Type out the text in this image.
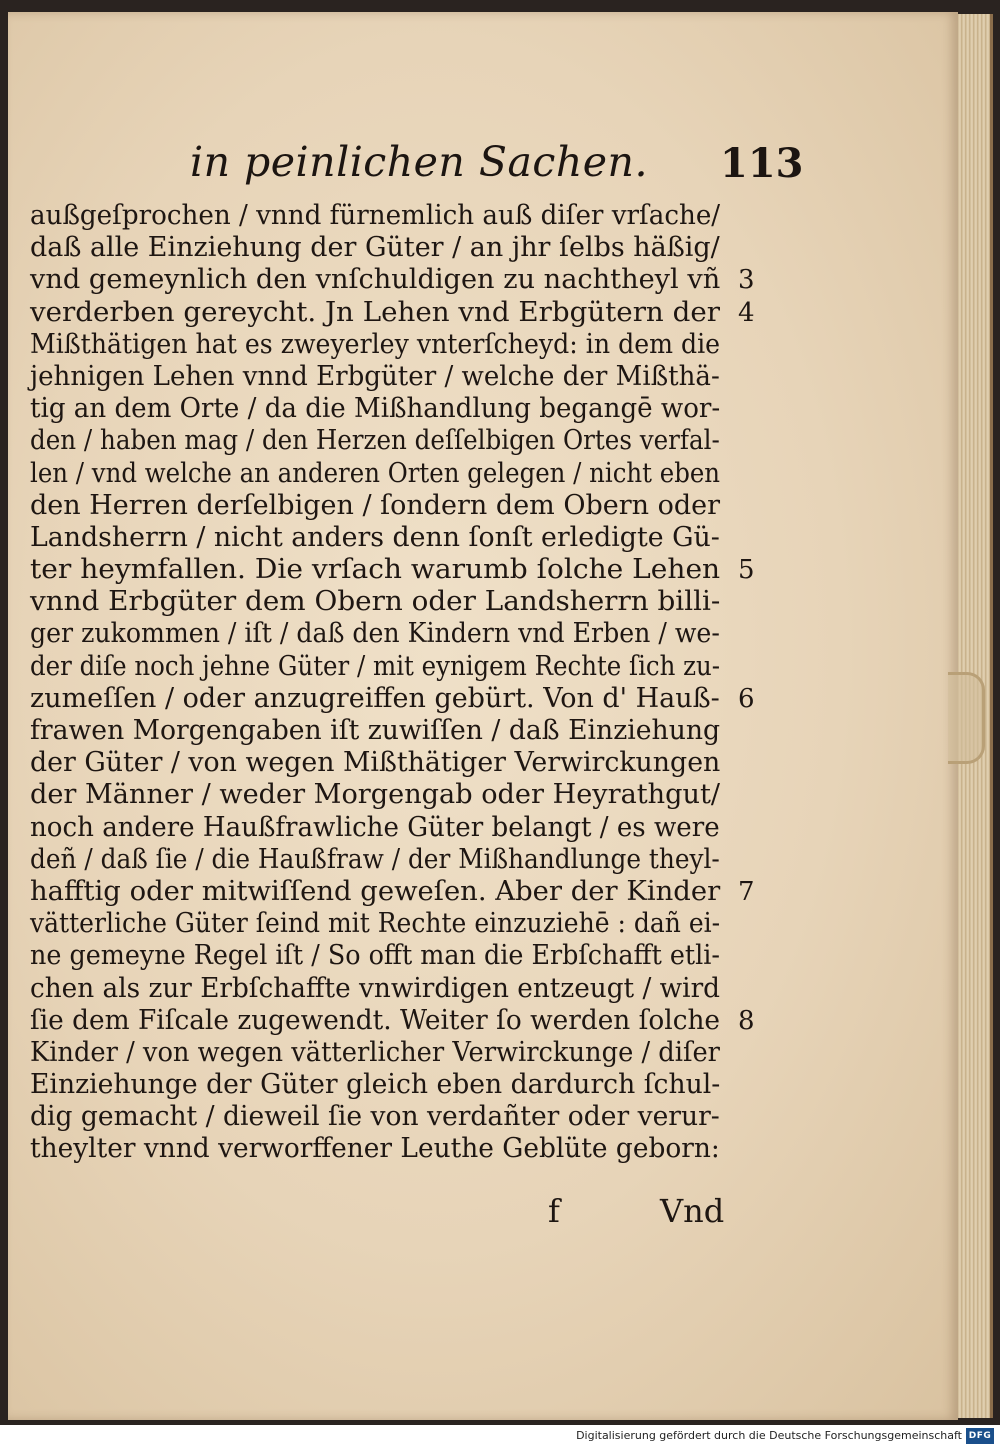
in peinlichen Sachen. 113
außgeſprochen / vnnd fürnemlich auß diſer vrſache/
daß alle Einziehung der Güter / an jhr ſelbs häßig/
vnd gemeynlich den vnſchuldigen zu nachtheyl vñ 3
verderben gereycht. Jn Lehen vnd Erbgütern der 4
Mißthätigen hat es zweyerley vnterſcheyd: in dem die
jehnigen Lehen vnnd Erbgüter / welche der Mißthä-
tig an dem Orte / da die Mißhandlung begangē wor-
den / haben mag / den Herzen deſſelbigen Ortes verfal-
len / vnd welche an anderen Orten gelegen / nicht eben
den Herren derſelbigen / ſondern dem Obern oder
Landsherrn / nicht anders denn ſonſt erledigte Gü-
ter heymfallen. Die vrſach warumb ſolche Lehen 5
vnnd Erbgüter dem Obern oder Landsherrn billi-
ger zukommen / iſt / daß den Kindern vnd Erben / we-
der diſe noch jehne Güter / mit eynigem Rechte ſich zu-
zumeſſen / oder anzugreiffen gebürt. Von d' Hauß- 6
frawen Morgengaben iſt zuwiſſen / daß Einziehung
der Güter / von wegen Mißthätiger Verwirckungen
der Männer / weder Morgengab oder Heyrathgut/
noch andere Haußfrawliche Güter belangt / es were
deñ / daß ſie / die Haußfraw / der Mißhandlunge theyl-
hafftig oder mitwiſſend geweſen. Aber der Kinder 7
vätterliche Güter ſeind mit Rechte einzuziehē : dañ ei-
ne gemeyne Regel iſt / So offt man die Erbſchafft etli-
chen als zur Erbſchaffte vnwirdigen entzeugt / wird
ſie dem Fiſcale zugewendt. Weiter ſo werden ſolche 8
Kinder / von wegen vätterlicher Verwirckunge / diſer
Einziehunge der Güter gleich eben dardurch ſchul-
dig gemacht / dieweil ſie von verdañter oder verur-
theylter vnnd verworffener Leuthe Geblüte geborn:
f	Vnd
Digitalisierung gefördert durch die Deutsche Forschungsgemeinschaft DFG
